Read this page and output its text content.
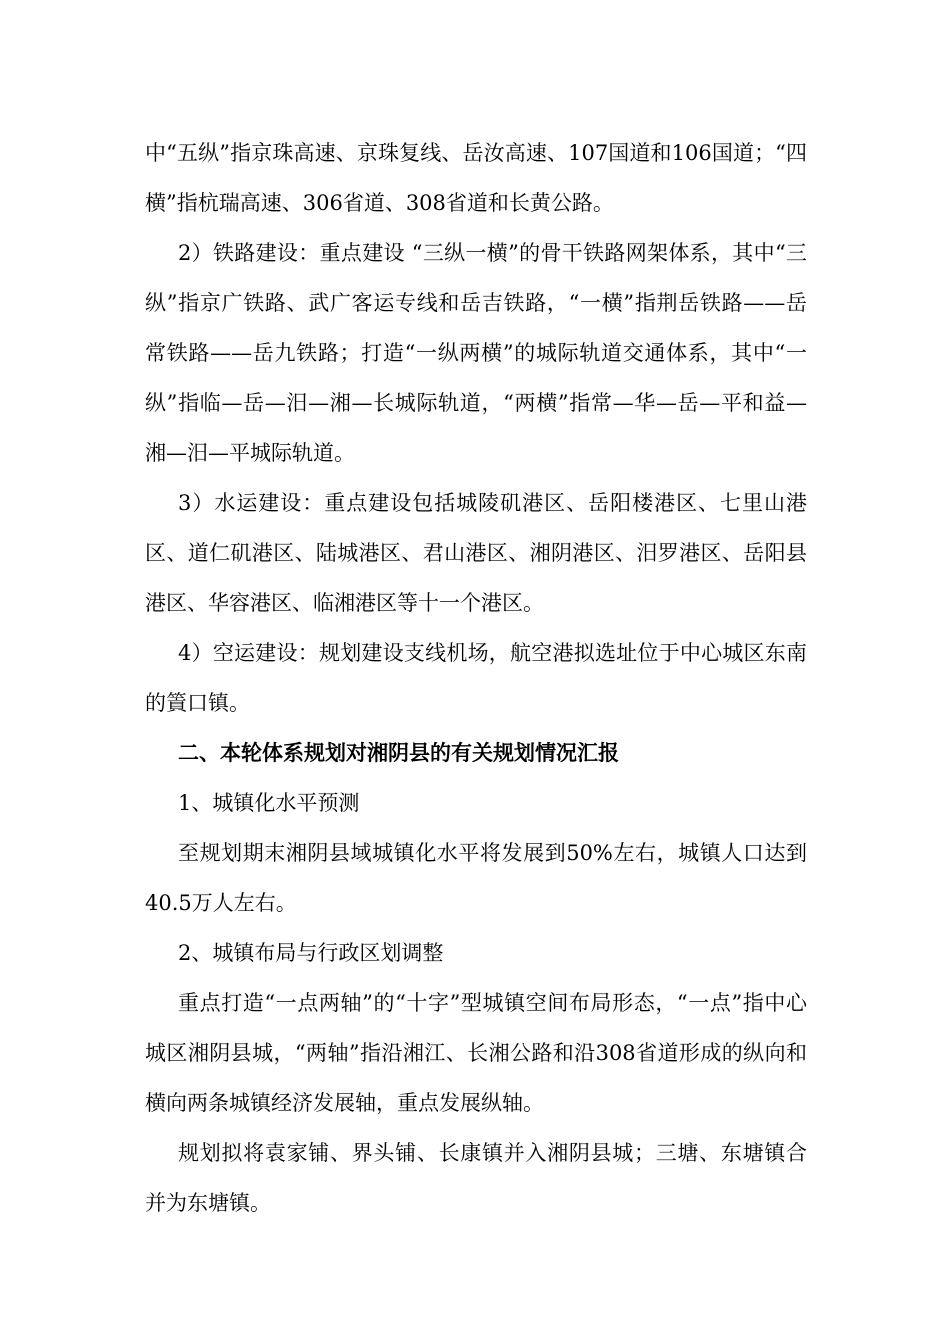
中“五纵”指京珠高速、京珠复线、岳汝高速、107国道和106国道；“四横”指杭瑞高速、306省道、308省道和长黄公路。

2）铁路建设：重点建设 “三纵一横”的骨干铁路网架体系，其中“三纵”指京广铁路、武广客运专线和岳吉铁路，“一横”指荆岳铁路——岳常铁路——岳九铁路；打造“一纵两横”的城际轨道交通体系，其中“一纵”指临—岳—汨—湘—长城际轨道，“两横”指常—华—岳—平和益—湘—汨—平城际轨道。

3）水运建设：重点建设包括城陵矶港区、岳阳楼港区、七里山港区、道仁矶港区、陆城港区、君山港区、湘阴港区、汨罗港区、岳阳县港区、华容港区、临湘港区等十一个港区。

4）空运建设：规划建设支线机场，航空港拟选址位于中心城区东南的篢口镇。

二、本轮体系规划对湘阴县的有关规划情况汇报

1、城镇化水平预测

至规划期末湘阴县域城镇化水平将发展到50%左右，城镇人口达到40.5万人左右。

2、城镇布局与行政区划调整

重点打造“一点两轴”的“十字”型城镇空间布局形态，“一点”指中心城区湘阴县城，“两轴”指沿湘江、长湘公路和沿308省道形成的纵向和横向两条城镇经济发展轴，重点发展纵轴。

规划拟将袁家铺、界头铺、长康镇并入湘阴县城；三塘、东塘镇合并为东塘镇。
